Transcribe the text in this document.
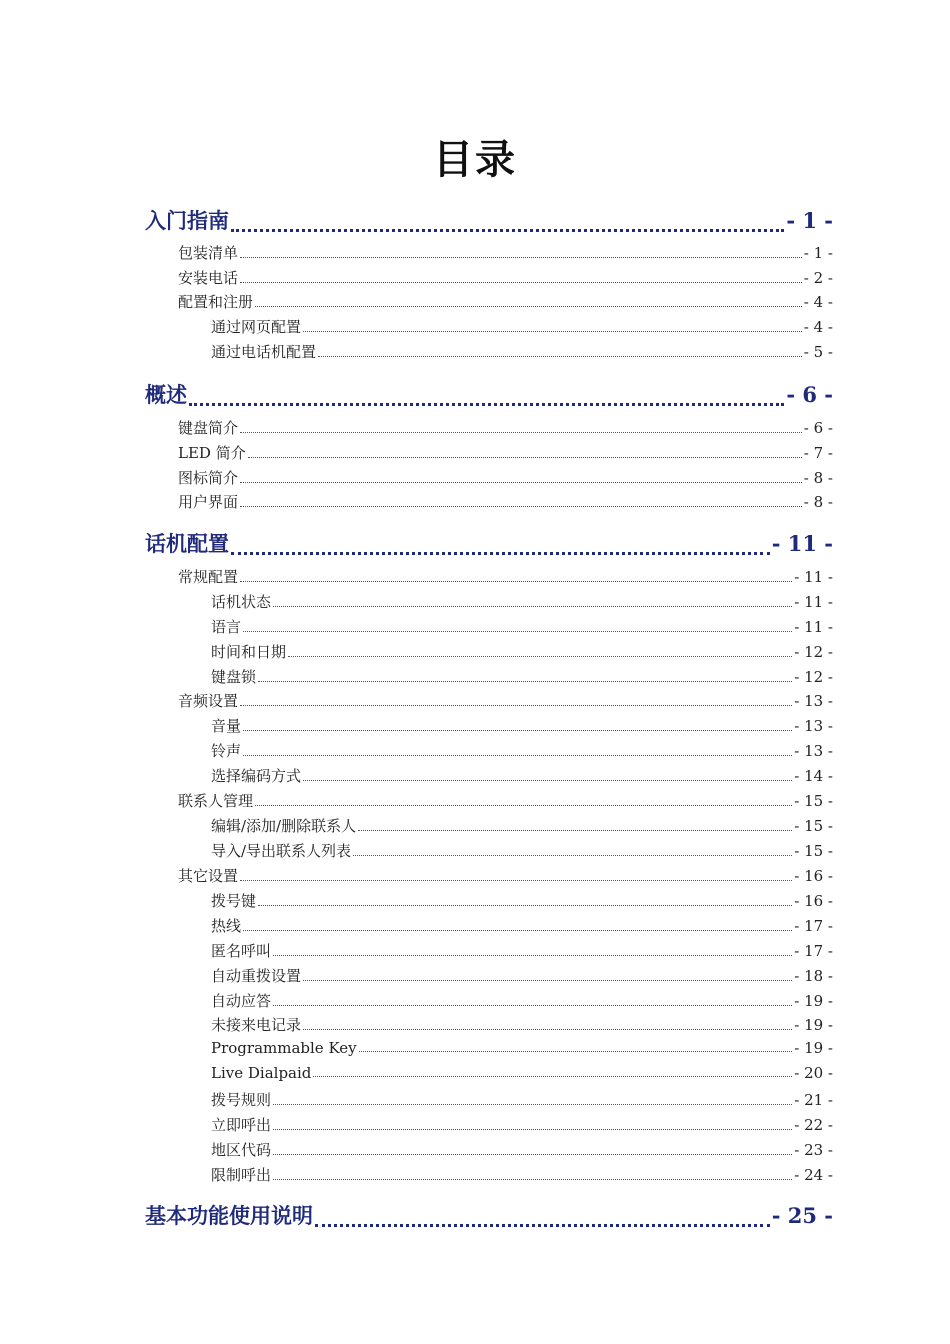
目录
入门指南	- 1 -
包装清单	- 1 -
安装电话	- 2 -
配置和注册	- 4 -
通过网页配置	- 4 -
通过电话机配置	- 5 -
概述	- 6 -
键盘简介	- 6 -
LED 简介	- 7 -
图标简介	- 8 -
用户界面	- 8 -
话机配置	- 11 -
常规配置	- 11 -
话机状态	- 11 -
语言	- 11 -
时间和日期	- 12 -
键盘锁	- 12 -
音频设置	- 13 -
音量	- 13 -
铃声	- 13 -
选择编码方式	- 14 -
联系人管理	- 15 -
编辑/添加/删除联系人	- 15 -
导入/导出联系人列表	- 15 -
其它设置	- 16 -
拨号键	- 16 -
热线	- 17 -
匿名呼叫	- 17 -
自动重拨设置	- 18 -
自动应答	- 19 -
未接来电记录	- 19 -
Programmable Key	- 19 -
Live Dialpaid	- 20 -
拨号规则	- 21 -
立即呼出	- 22 -
地区代码	- 23 -
限制呼出	- 24 -
基本功能使用说明	- 25 -
